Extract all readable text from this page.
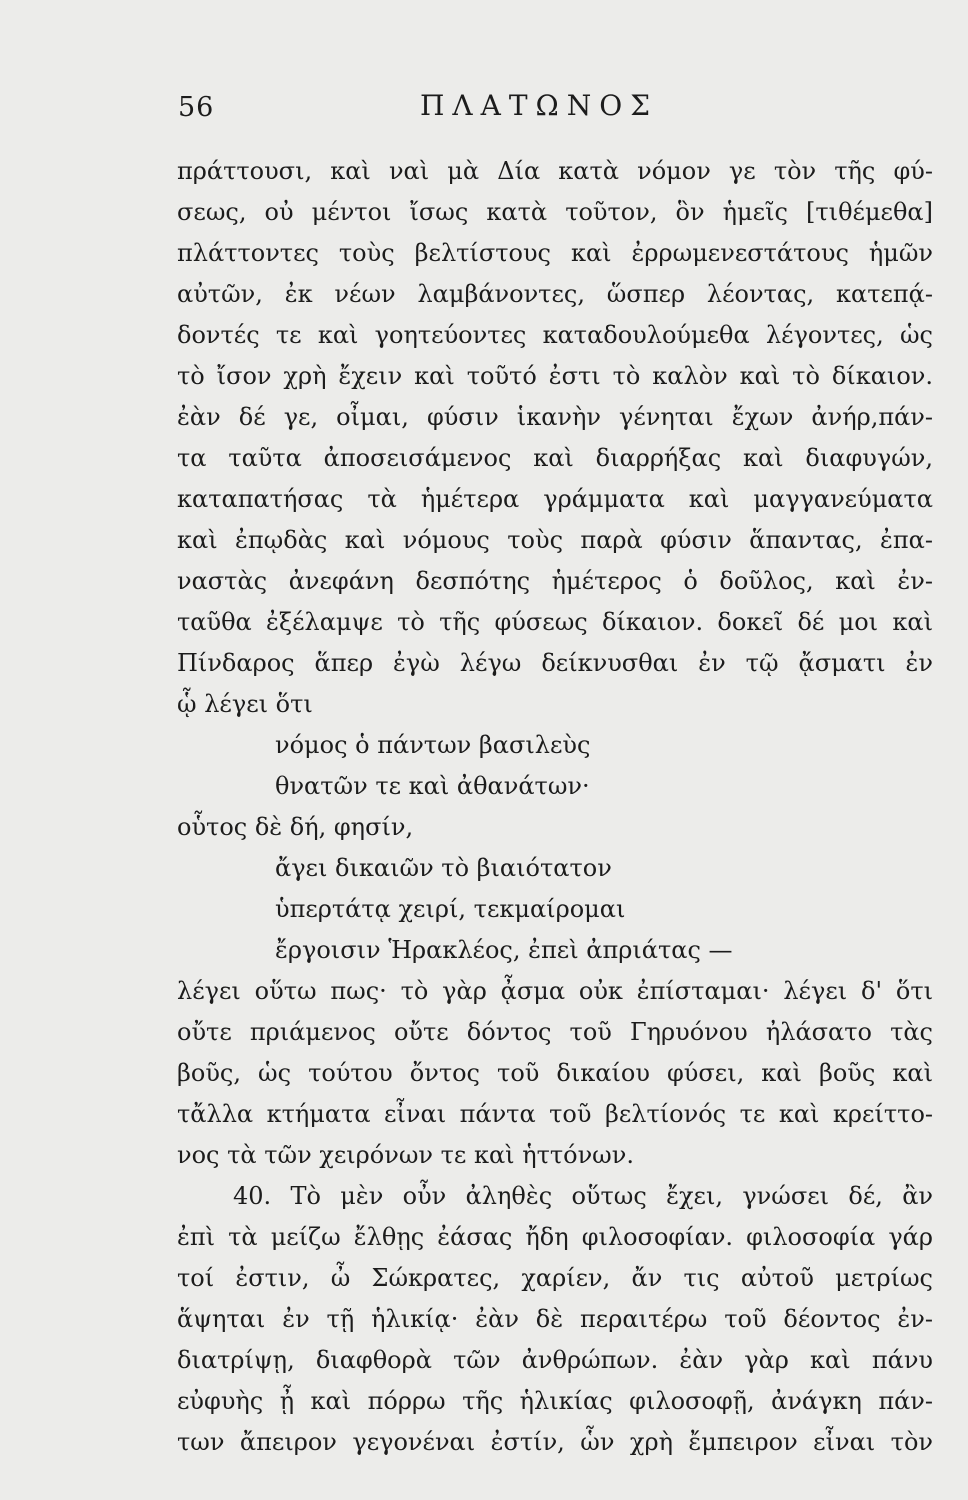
56	ΠΛΑΤΩΝΟΣ
πράττουσι, καὶ ναὶ μὰ Δία κατὰ νόμον γε τὸν τῆς φύ-
σεως, οὐ μέντοι ἴσως κατὰ τοῦτον, ὃν ἡμεῖς [τιθέμεθα]
πλάττοντες τοὺς βελτίστους καὶ ἐρρωμενεστάτους ἡμῶν
αὐτῶν, ἐκ νέων λαμβάνοντες, ὥσπερ λέοντας, κατεπᾴ-
δοντές τε καὶ γοητεύοντες καταδουλούμεθα λέγοντες, ὡς
τὸ ἴσον χρὴ ἔχειν καὶ τοῦτό ἐστι τὸ καλὸν καὶ τὸ δίκαιον.
ἐὰν δέ γε, οἶμαι, φύσιν ἱκανὴν γένηται ἔχων ἀνήρ,πάν-
τα ταῦτα ἀποσεισάμενος καὶ διαρρήξας καὶ διαφυγών,
καταπατήσας τὰ ἡμέτερα γράμματα καὶ μαγγανεύματα
καὶ ἐπῳδὰς καὶ νόμους τοὺς παρὰ φύσιν ἅπαντας, ἐπα-
ναστὰς ἀνεφάνη δεσπότης ἡμέτερος ὁ δοῦλος, καὶ ἐν-
ταῦθα ἐξέλαμψε τὸ τῆς φύσεως δίκαιον. δοκεῖ δέ μοι καὶ
Πίνδαρος ἅπερ ἐγὼ λέγω δείκνυσθαι ἐν τῷ ᾄσματι ἐν
ᾧ λέγει ὅτι
νόμος ὁ πάντων βασιλεὺς
θνατῶν τε καὶ ἀθανάτων·
οὗτος δὲ δή, φησίν,
ἄγει δικαιῶν τὸ βιαιότατον
ὑπερτάτᾳ χειρί, τεκμαίρομαι
ἔργοισιν Ἡρακλέος, ἐπεὶ ἀπριάτας —
λέγει οὕτω πως· τὸ γὰρ ᾆσμα οὐκ ἐπίσταμαι· λέγει δ' ὅτι
οὔτε πριάμενος οὔτε δόντος τοῦ Γηρυόνου ἠλάσατο τὰς
βοῦς, ὡς τούτου ὄντος τοῦ δικαίου φύσει, καὶ βοῦς καὶ
τἄλλα κτήματα εἶναι πάντα τοῦ βελτίονός τε καὶ κρείττο-
νος τὰ τῶν χειρόνων τε καὶ ἡττόνων.
40. Τὸ μὲν οὖν ἀληθὲς οὕτως ἔχει, γνώσει δέ, ἂν
ἐπὶ τὰ μείζω ἔλθῃς ἐάσας ἤδη φιλοσοφίαν. φιλοσοφία γάρ
τοί ἐστιν, ὦ Σώκρατες, χαρίεν, ἄν τις αὐτοῦ μετρίως
ἅψηται ἐν τῇ ἡλικίᾳ· ἐὰν δὲ περαιτέρω τοῦ δέοντος ἐν-
διατρίψῃ, διαφθορὰ τῶν ἀνθρώπων. ἐὰν γὰρ καὶ πάνυ
εὐφυὴς ᾖ καὶ πόρρω τῆς ἡλικίας φιλοσοφῇ, ἀνάγκη πάν-
των ἄπειρον γεγονέναι ἐστίν, ὧν χρὴ ἔμπειρον εἶναι τὸν
